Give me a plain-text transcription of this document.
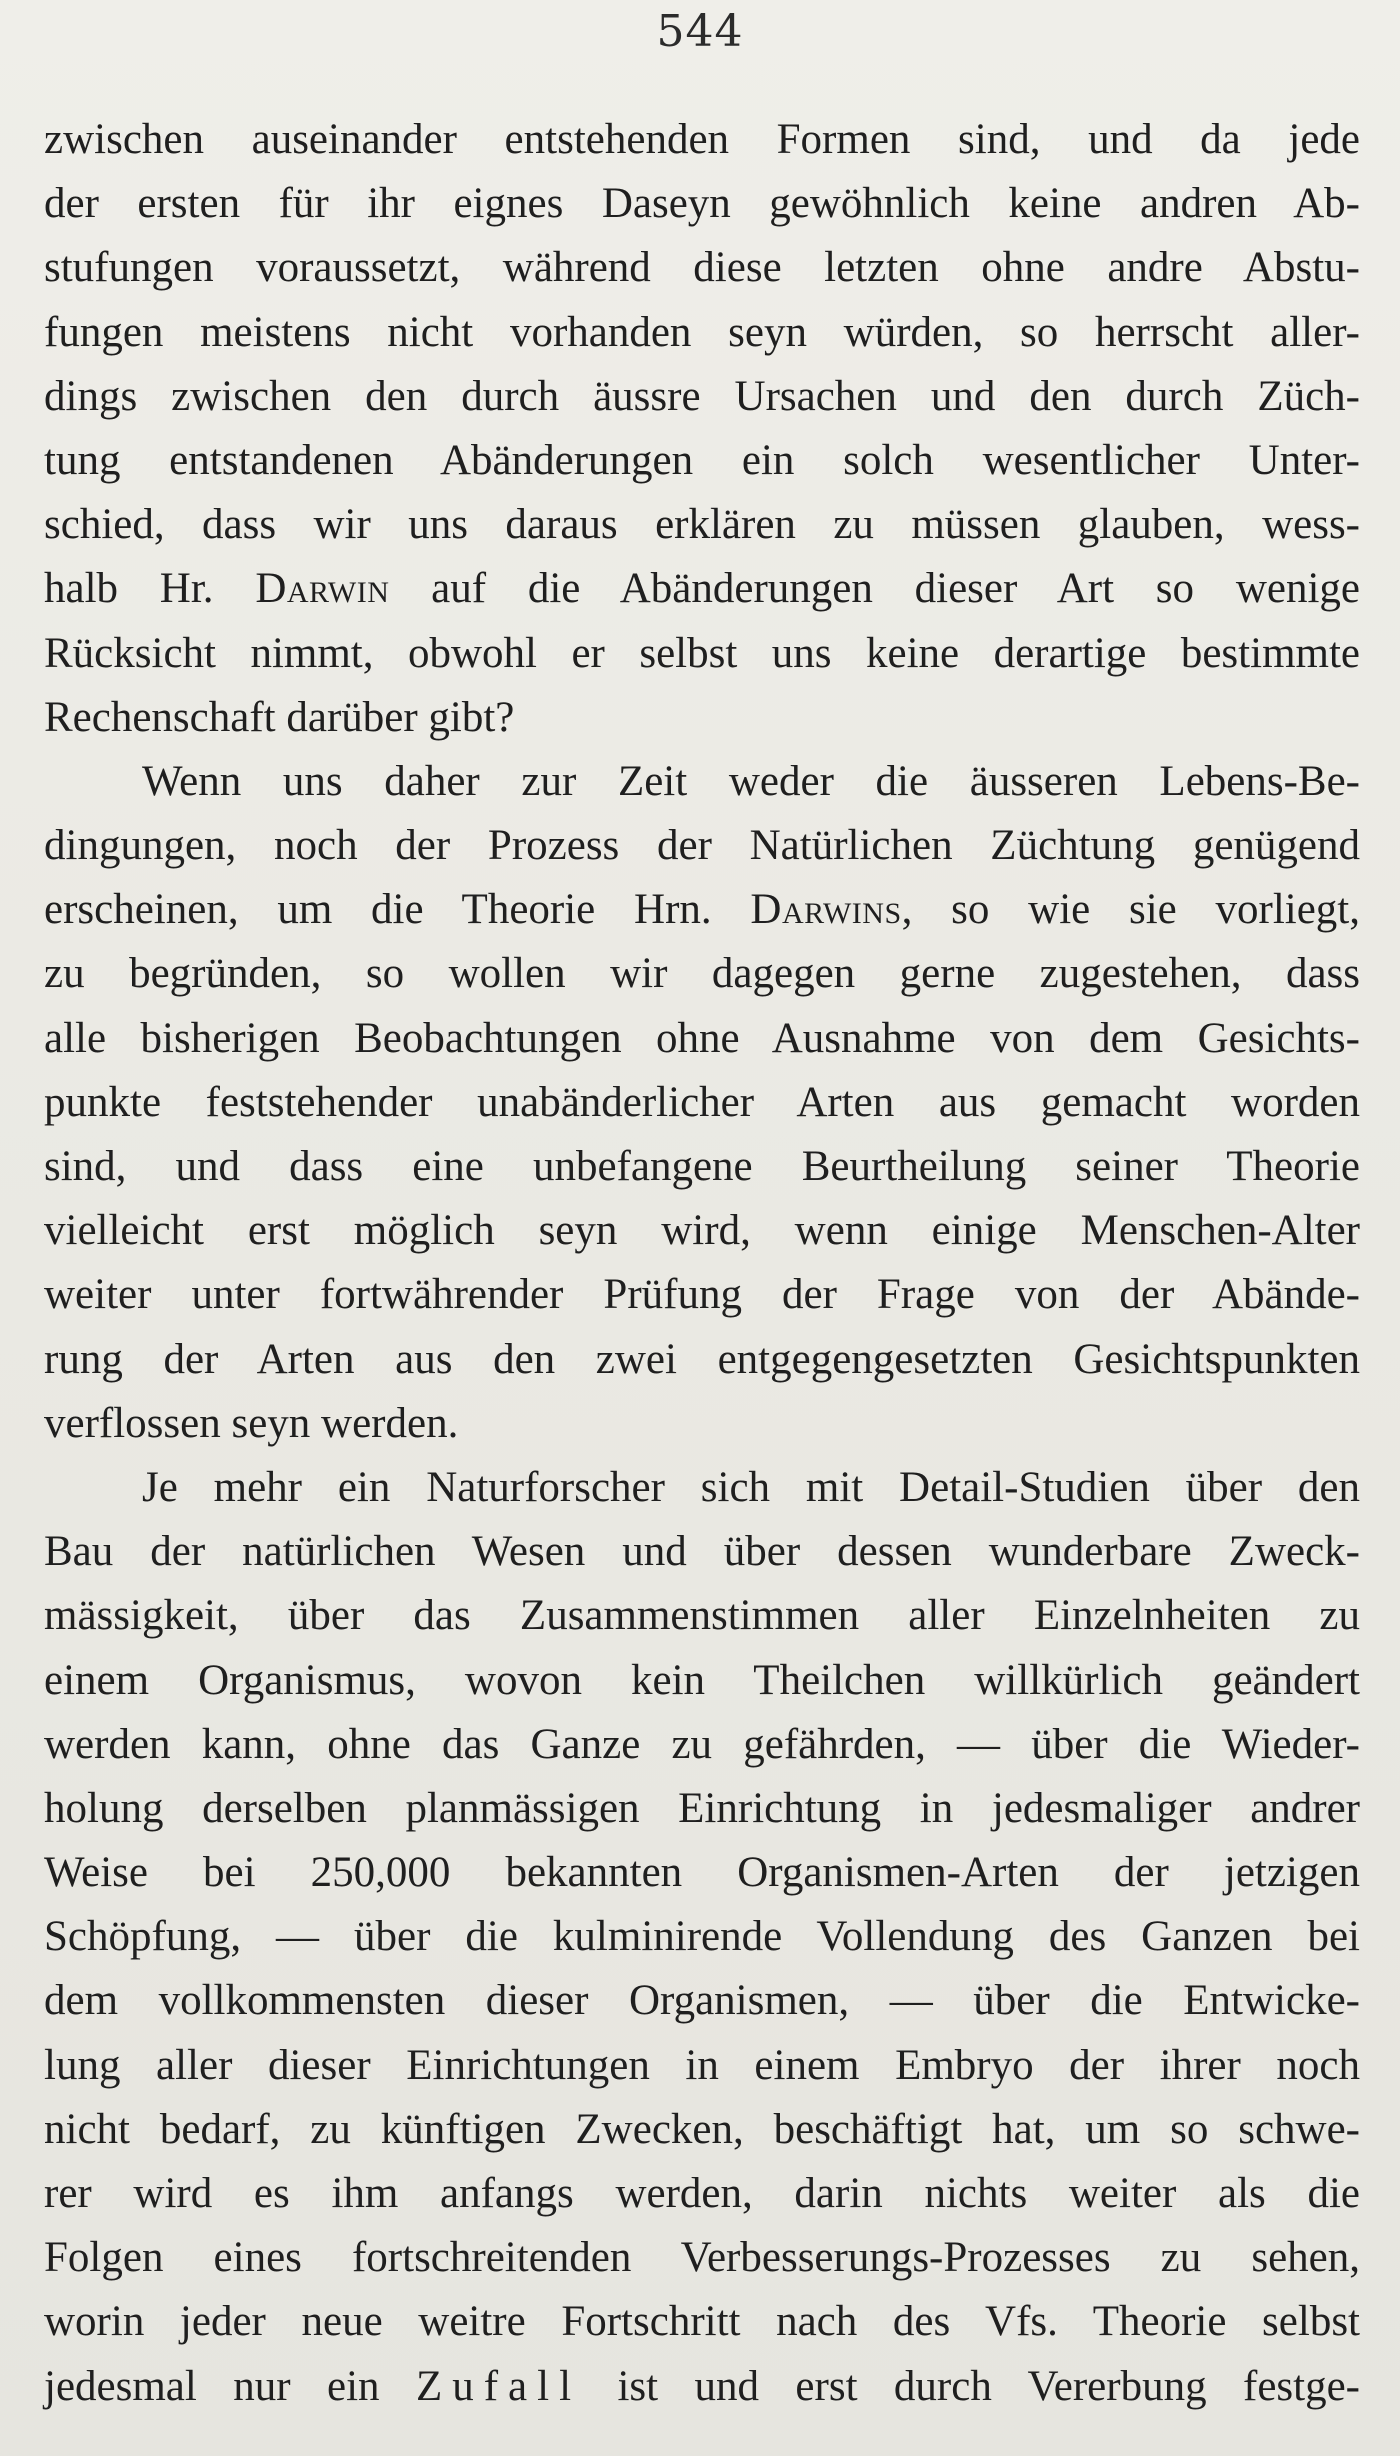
544
zwischen auseinander entstehenden Formen sind, und da jede
der ersten für ihr eignes Daseyn gewöhnlich keine andren Ab-
stufungen voraussetzt, während diese letzten ohne andre Abstu-
fungen meistens nicht vorhanden seyn würden, so herrscht aller-
dings zwischen den durch äussre Ursachen und den durch Züch-
tung entstandenen Abänderungen ein solch wesentlicher Unter-
schied, dass wir uns daraus erklären zu müssen glauben, wess-
halb Hr. Darwin auf die Abänderungen dieser Art so wenige
Rücksicht nimmt, obwohl er selbst uns keine derartige bestimmte
Rechenschaft darüber gibt?
Wenn uns daher zur Zeit weder die äusseren Lebens-Be-
dingungen, noch der Prozess der Natürlichen Züchtung genügend
erscheinen, um die Theorie Hrn. Darwins, so wie sie vorliegt,
zu begründen, so wollen wir dagegen gerne zugestehen, dass
alle bisherigen Beobachtungen ohne Ausnahme von dem Gesichts-
punkte feststehender unabänderlicher Arten aus gemacht worden
sind, und dass eine unbefangene Beurtheilung seiner Theorie
vielleicht erst möglich seyn wird, wenn einige Menschen-Alter
weiter unter fortwährender Prüfung der Frage von der Abände-
rung der Arten aus den zwei entgegengesetzten Gesichtspunkten
verflossen seyn werden.
Je mehr ein Naturforscher sich mit Detail-Studien über den
Bau der natürlichen Wesen und über dessen wunderbare Zweck-
mässigkeit, über das Zusammenstimmen aller Einzelnheiten zu
einem Organismus, wovon kein Theilchen willkürlich geändert
werden kann, ohne das Ganze zu gefährden, — über die Wieder-
holung derselben planmässigen Einrichtung in jedesmaliger andrer
Weise bei 250,000 bekannten Organismen-Arten der jetzigen
Schöpfung, — über die kulminirende Vollendung des Ganzen bei
dem vollkommensten dieser Organismen, — über die Entwicke-
lung aller dieser Einrichtungen in einem Embryo der ihrer noch
nicht bedarf, zu künftigen Zwecken, beschäftigt hat, um so schwe-
rer wird es ihm anfangs werden, darin nichts weiter als die
Folgen eines fortschreitenden Verbesserungs-Prozesses zu sehen,
worin jeder neue weitre Fortschritt nach des Vfs. Theorie selbst
jedesmal nur ein Zufall ist und erst durch Vererbung festge-
